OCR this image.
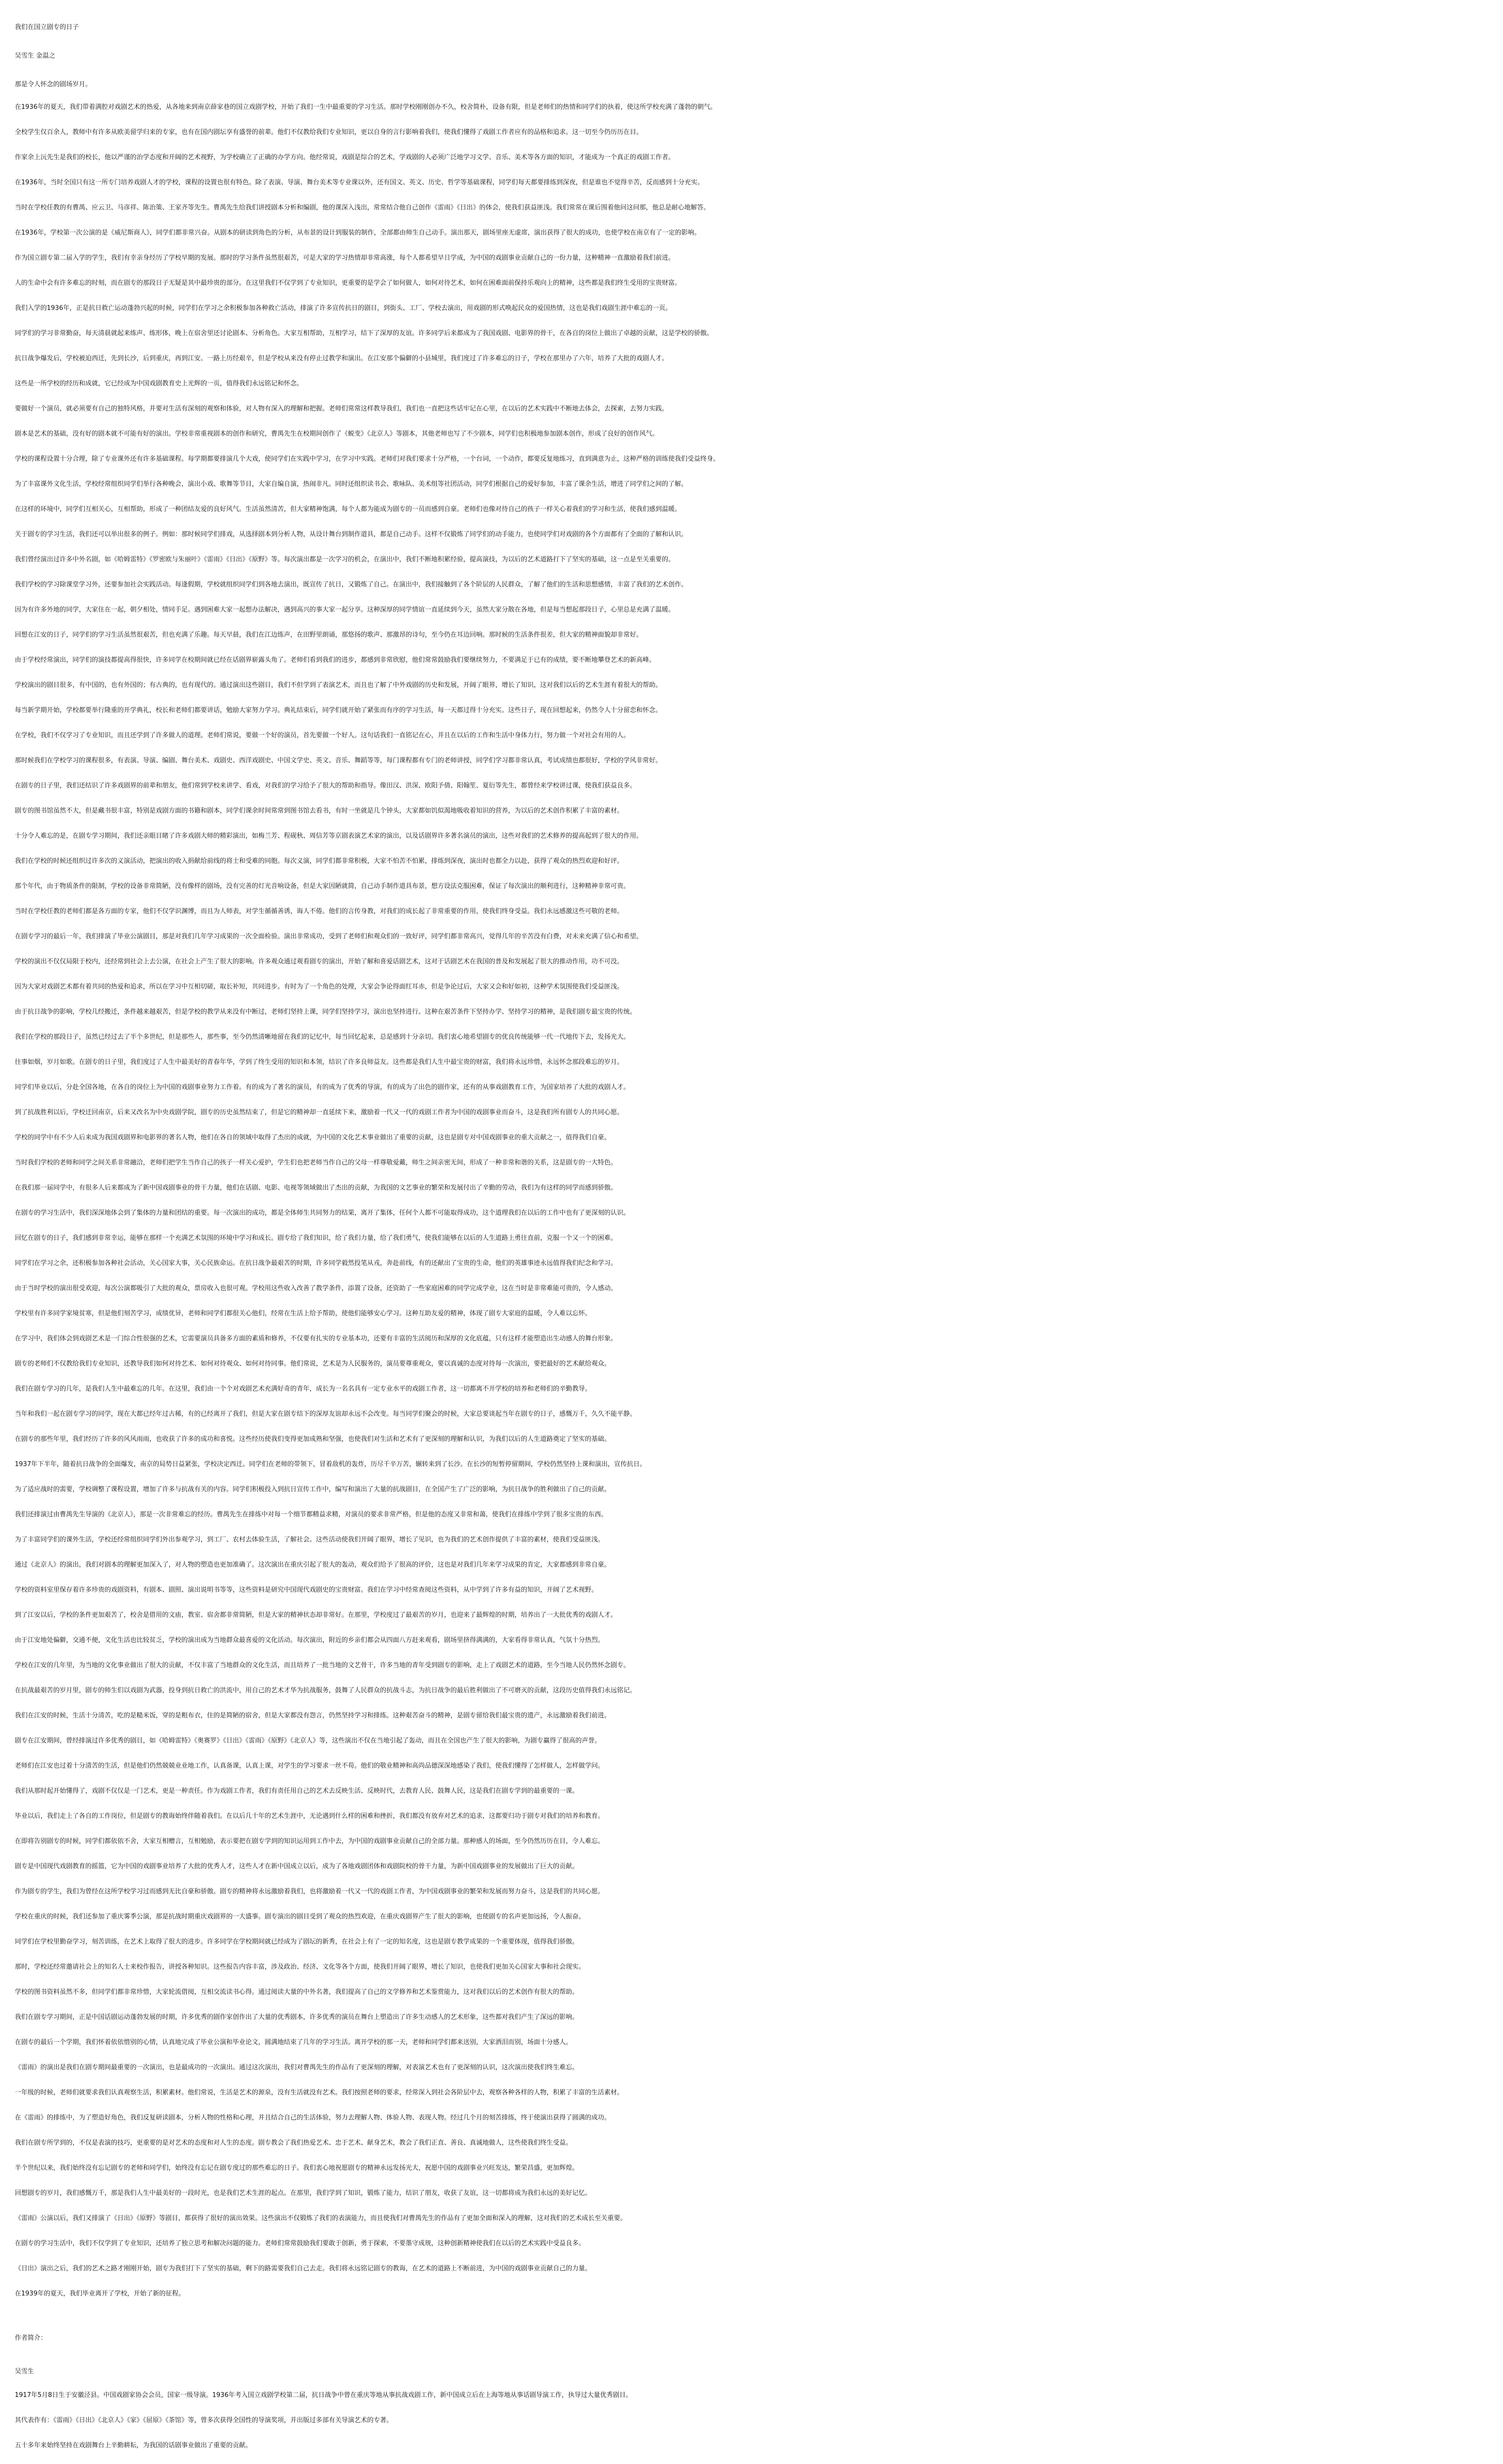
我们在国立剧专的日子
吴雪生 金温之
那是令人怀念的剧场岁月。
在1936年的夏天，我们带着满腔对戏剧艺术的热爱，从各地来到南京薛家巷的国立戏剧学校，开始了我们一生中最重要的学习生活。那时学校刚刚创办不久，校舍简朴，设备有限，但是老师们的热情和同学们的执着，使这所学校充满了蓬勃的朝气。
全校学生仅百余人，教师中有许多从欧美留学归来的专家，也有在国内剧坛享有盛誉的前辈。他们不仅教给我们专业知识，更以自身的言行影响着我们，使我们懂得了戏剧工作者应有的品格和追求。这一切至今仍历历在目。
作家余上沅先生是我们的校长，他以严谨的治学态度和开阔的艺术视野，为学校确立了正确的办学方向。他经常说，戏剧是综合的艺术，学戏剧的人必须广泛地学习文学、音乐、美术等各方面的知识，才能成为一个真正的戏剧工作者。
在1936年，当时全国只有这一所专门培养戏剧人才的学校，课程的设置也很有特色。除了表演、导演、舞台美术等专业课以外，还有国文、英文、历史、哲学等基础课程，同学们每天都要排练到深夜，但是谁也不觉得辛苦，反而感到十分充实。
当时在学校任教的有曹禺、应云卫、马彦祥、陈治策、王家齐等先生。曹禺先生给我们讲授剧本分析和编剧，他的课深入浅出，常常结合他自己创作《雷雨》《日出》的体会，使我们获益匪浅。我们常常在课后围着他问这问那，他总是耐心地解答。
在1936年，学校第一次公演的是《威尼斯商人》，同学们都非常兴奋。从剧本的研读到角色的分析，从布景的设计到服装的制作，全部都由师生自己动手。演出那天，剧场里座无虚席，演出获得了很大的成功，也使学校在南京有了一定的影响。
作为国立剧专第二届入学的学生，我们有幸亲身经历了学校早期的发展。那时的学习条件虽然很艰苦，可是大家的学习热情却非常高涨，每个人都希望早日学成，为中国的戏剧事业贡献自己的一份力量，这种精神一直激励着我们前进。
人的生命中会有许多难忘的时刻，而在剧专的那段日子无疑是其中最珍贵的部分。在这里我们不仅学到了专业知识，更重要的是学会了如何做人，如何对待艺术，如何在困难面前保持乐观向上的精神，这些都是我们终生受用的宝贵财富。
我们入学的1936年，正是抗日救亡运动蓬勃兴起的时候，同学们在学习之余积极参加各种救亡活动，排演了许多宣传抗日的剧目，到街头、工厂、学校去演出，用戏剧的形式唤起民众的爱国热情，这也是我们戏剧生涯中难忘的一页。
同学们的学习非常勤奋，每天清晨就起来练声、练形体，晚上在宿舍里还讨论剧本、分析角色。大家互相帮助，互相学习，结下了深厚的友谊。许多同学后来都成为了我国戏剧、电影界的骨干，在各自的岗位上做出了卓越的贡献，这是学校的骄傲。
抗日战争爆发后，学校被迫西迁，先到长沙，后到重庆，再到江安。一路上历经艰辛，但是学校从来没有停止过教学和演出。在江安那个偏僻的小县城里，我们度过了许多难忘的日子，学校在那里办了六年，培养了大批的戏剧人才。
这些是一所学校的经历和成就，它已经成为中国戏剧教育史上光辉的一页，值得我们永远铭记和怀念。
要做好一个演员，就必须要有自己的独特风格，并要对生活有深刻的观察和体验，对人物有深入的理解和把握。老师们常常这样教导我们，我们也一直把这些话牢记在心里，在以后的艺术实践中不断地去体会，去探索，去努力实践。
剧本是艺术的基础，没有好的剧本就不可能有好的演出。学校非常重视剧本的创作和研究，曹禺先生在校期间创作了《蜕变》《北京人》等剧本，其他老师也写了不少剧本，同学们也积极地参加剧本创作，形成了良好的创作风气。
学校的课程设置十分合理，除了专业课外还有许多基础课程。每学期都要排演几个大戏，使同学们在实践中学习，在学习中实践。老师们对我们要求十分严格，一个台词，一个动作，都要反复地练习，直到满意为止，这种严格的训练使我们受益终身。
为了丰富课外文化生活，学校经常组织同学们举行各种晚会，演出小戏、歌舞等节目，大家自编自演，热闹非凡。同时还组织读书会、歌咏队、美术组等社团活动，同学们根据自己的爱好参加，丰富了课余生活，增进了同学们之间的了解。
在这样的环境中，同学们互相关心，互相帮助，形成了一种团结友爱的良好风气。生活虽然清苦，但大家精神饱满，每个人都为能成为剧专的一员而感到自豪。老师们也像对待自己的孩子一样关心着我们的学习和生活，使我们感到温暖。
关于剧专的学习生活，我们还可以举出很多的例子。例如：那时候同学们排戏，从选择剧本到分析人物，从设计舞台到制作道具，都是自己动手。这样不仅锻炼了同学们的动手能力，也使同学们对戏剧的各个方面都有了全面的了解和认识。
我们曾经演出过许多中外名剧，如《哈姆雷特》《罗密欧与朱丽叶》《雷雨》《日出》《原野》等。每次演出都是一次学习的机会，在演出中，我们不断地积累经验，提高演技，为以后的艺术道路打下了坚实的基础，这一点是至关重要的。
我们学校的学习除课堂学习外，还要参加社会实践活动。每逢假期，学校就组织同学们到各地去演出，既宣传了抗日，又锻炼了自己。在演出中，我们接触到了各个阶层的人民群众，了解了他们的生活和思想感情，丰富了我们的艺术创作。
因为有许多外地的同学，大家住在一起，朝夕相处，情同手足。遇到困难大家一起想办法解决，遇到高兴的事大家一起分享。这种深厚的同学情谊一直延续到今天，虽然大家分散在各地，但是每当想起那段日子，心里总是充满了温暖。
回想在江安的日子，同学们的学习生活虽然很艰苦，但也充满了乐趣。每天早晨，我们在江边练声，在田野里朗诵，那悠扬的歌声、那激昂的诗句，至今仍在耳边回响。那时候的生活条件很差，但大家的精神面貌却非常好。
由于学校经常演出，同学们的演技都提高得很快，许多同学在校期间就已经在话剧界崭露头角了。老师们看到我们的进步，都感到非常欣慰，他们常常鼓励我们要继续努力，不要满足于已有的成绩，要不断地攀登艺术的新高峰。
学校演出的剧目很多，有中国的，也有外国的；有古典的，也有现代的。通过演出这些剧目，我们不但学到了表演艺术，而且也了解了中外戏剧的历史和发展，开阔了眼界，增长了知识，这对我们以后的艺术生涯有着很大的帮助。
每当新学期开始，学校都要举行隆重的开学典礼，校长和老师们都要讲话，勉励大家努力学习。典礼结束后，同学们就开始了紧张而有序的学习生活，每一天都过得十分充实。这些日子，现在回想起来，仍然令人十分留恋和怀念。
在学校，我们不仅学习了专业知识，而且还学到了许多做人的道理。老师们常说，要做一个好的演员，首先要做一个好人。这句话我们一直铭记在心，并且在以后的工作和生活中身体力行，努力做一个对社会有用的人。
那时候我们在学校学习的课程很多，有表演、导演、编剧、舞台美术、戏剧史、西洋戏剧史、中国文学史、英文、音乐、舞蹈等等，每门课程都有专门的老师讲授，同学们学习都非常认真，考试成绩也都很好，学校的学风非常好。
在剧专的日子里，我们还结识了许多戏剧界的前辈和朋友，他们常到学校来讲学、看戏，对我们的学习给予了很大的帮助和指导。像田汉、洪深、欧阳予倩、阳翰笙、夏衍等先生，都曾经来学校讲过课，使我们获益良多。
剧专的图书馆虽然不大，但是藏书很丰富，特别是戏剧方面的书籍和剧本，同学们课余时间常常到图书馆去看书，有时一坐就是几个钟头，大家都如饥似渴地吸收着知识的营养，为以后的艺术创作积累了丰富的素材。
十分令人难忘的是，在剧专学习期间，我们还亲眼目睹了许多戏剧大师的精彩演出，如梅兰芳、程砚秋、周信芳等京剧表演艺术家的演出，以及话剧界许多著名演员的演出，这些对我们的艺术修养的提高起到了很大的作用。
我们在学校的时候还组织过许多次的义演活动，把演出的收入捐献给前线的将士和受难的同胞。每次义演，同学们都非常积极，大家不怕苦不怕累，排练到深夜，演出时也都全力以赴，获得了观众的热烈欢迎和好评。
那个年代，由于物质条件的限制，学校的设备非常简陋，没有像样的剧场，没有完善的灯光音响设备，但是大家因陋就简，自己动手制作道具布景，想方设法克服困难，保证了每次演出的顺利进行，这种精神非常可贵。
当时在学校任教的老师们都是各方面的专家，他们不仅学识渊博，而且为人师表，对学生循循善诱，诲人不倦。他们的言传身教，对我们的成长起了非常重要的作用，使我们终身受益。我们永远感激这些可敬的老师。
在剧专学习的最后一年，我们排演了毕业公演剧目，那是对我们几年学习成果的一次全面检验。演出非常成功，受到了老师们和观众们的一致好评，同学们都非常高兴，觉得几年的辛苦没有白费，对未来充满了信心和希望。
学校的演出不仅仅局限于校内，还经常到社会上去公演，在社会上产生了很大的影响。许多观众通过观看剧专的演出，开始了解和喜爱话剧艺术，这对于话剧艺术在我国的普及和发展起了很大的推动作用，功不可没。
因为大家对戏剧艺术都有着共同的热爱和追求，所以在学习中互相切磋，取长补短，共同进步。有时为了一个角色的处理，大家会争论得面红耳赤，但是争论过后，大家又会和好如初，这种学术氛围使我们受益匪浅。
由于抗日战争的影响，学校几经搬迁，条件越来越艰苦，但是学校的教学从来没有中断过，老师们坚持上课，同学们坚持学习，演出也坚持进行。这种在艰苦条件下坚持办学、坚持学习的精神，是我们剧专最宝贵的传统。
我们在学校的那段日子，虽然已经过去了半个多世纪，但是那些人，那些事，至今仍然清晰地留在我们的记忆中，每当回忆起来，总是感到十分亲切。我们衷心地希望剧专的优良传统能够一代一代地传下去，发扬光大。
往事如烟，岁月如歌。在剧专的日子里，我们度过了人生中最美好的青春年华，学到了终生受用的知识和本领，结识了许多良师益友。这些都是我们人生中最宝贵的财富，我们将永远珍惜，永远怀念那段难忘的岁月。
同学们毕业以后，分赴全国各地，在各自的岗位上为中国的戏剧事业努力工作着。有的成为了著名的演员，有的成为了优秀的导演，有的成为了出色的剧作家，还有的从事戏剧教育工作，为国家培养了大批的戏剧人才。
到了抗战胜利以后，学校迁回南京，后来又改名为中央戏剧学院，剧专的历史虽然结束了，但是它的精神却一直延续下来，激励着一代又一代的戏剧工作者为中国的戏剧事业而奋斗，这是我们所有剧专人的共同心愿。
学校的同学中有不少人后来成为我国戏剧界和电影界的著名人物，他们在各自的领域中取得了杰出的成就，为中国的文化艺术事业做出了重要的贡献，这也是剧专对中国戏剧事业的重大贡献之一，值得我们自豪。
当时我们学校的老师和同学之间关系非常融洽，老师们把学生当作自己的孩子一样关心爱护，学生们也把老师当作自己的父母一样尊敬爱戴，师生之间亲密无间，形成了一种非常和谐的关系，这是剧专的一大特色。
在我们那一届同学中，有很多人后来都成为了新中国戏剧事业的骨干力量，他们在话剧、电影、电视等领域做出了杰出的贡献，为我国的文艺事业的繁荣和发展付出了辛勤的劳动，我们为有这样的同学而感到骄傲。
在剧专的学习生活中，我们深深地体会到了集体的力量和团结的重要。每一次演出的成功，都是全体师生共同努力的结果，离开了集体，任何个人都不可能取得成功，这个道理我们在以后的工作中也有了更深刻的认识。
回忆在剧专的日子，我们感到非常幸运，能够在那样一个充满艺术氛围的环境中学习和成长。剧专给了我们知识，给了我们力量，给了我们勇气，使我们能够在以后的人生道路上勇往直前，克服一个又一个的困难。
同学们在学习之余，还积极参加各种社会活动，关心国家大事，关心民族命运。在抗日战争最艰苦的时期，许多同学毅然投笔从戎，奔赴前线，有的还献出了宝贵的生命，他们的英雄事迹永远值得我们纪念和学习。
由于当时学校的演出很受欢迎，每次公演都吸引了大批的观众，票房收入也很可观。学校用这些收入改善了教学条件，添置了设备，还资助了一些家庭困难的同学完成学业，这在当时是非常难能可贵的，令人感动。
学校里有许多同学家境贫寒，但是他们刻苦学习，成绩优异，老师和同学们都很关心他们，经常在生活上给予帮助，使他们能够安心学习。这种互助友爱的精神，体现了剧专大家庭的温暖，令人难以忘怀。
在学习中，我们体会到戏剧艺术是一门综合性很强的艺术，它需要演员具备多方面的素质和修养，不仅要有扎实的专业基本功，还要有丰富的生活阅历和深厚的文化底蕴，只有这样才能塑造出生动感人的舞台形象。
剧专的老师们不仅教给我们专业知识，还教导我们如何对待艺术、如何对待观众、如何对待同事。他们常说，艺术是为人民服务的，演员要尊重观众，要以真诚的态度对待每一次演出，要把最好的艺术献给观众。
我们在剧专学习的几年，是我们人生中最难忘的几年。在这里，我们由一个个对戏剧艺术充满好奇的青年，成长为一名名具有一定专业水平的戏剧工作者，这一切都离不开学校的培养和老师们的辛勤教导。
当年和我们一起在剧专学习的同学，现在大都已经年过古稀，有的已经离开了我们，但是大家在剧专结下的深厚友谊却永远不会改变。每当同学们聚会的时候，大家总要谈起当年在剧专的日子，感慨万千，久久不能平静。
在剧专的那些年里，我们经历了许多的风风雨雨，也收获了许多的成功和喜悦。这些经历使我们变得更加成熟和坚强，也使我们对生活和艺术有了更深刻的理解和认识，为我们以后的人生道路奠定了坚实的基础。
1937年下半年，随着抗日战争的全面爆发，南京的局势日益紧张，学校决定西迁。同学们在老师的带领下，冒着敌机的轰炸，历尽千辛万苦，辗转来到了长沙。在长沙的短暂停留期间，学校仍然坚持上课和演出，宣传抗日。
为了适应战时的需要，学校调整了课程设置，增加了许多与抗战有关的内容。同学们积极投入到抗日宣传工作中，编写和演出了大量的抗战剧目，在全国产生了广泛的影响，为抗日战争的胜利做出了自己的贡献。
我们还排演过由曹禺先生导演的《北京人》，那是一次非常难忘的经历。曹禺先生在排练中对每一个细节都精益求精，对演员的要求非常严格，但是他的态度又非常和蔼，使我们在排练中学到了很多宝贵的东西。
为了丰富同学们的课外生活，学校还经常组织同学们外出参观学习，到工厂、农村去体验生活，了解社会。这些活动使我们开阔了眼界，增长了见识，也为我们的艺术创作提供了丰富的素材，使我们受益匪浅。
通过《北京人》的演出，我们对剧本的理解更加深入了，对人物的塑造也更加准确了。这次演出在重庆引起了很大的轰动，观众们给予了很高的评价，这也是对我们几年来学习成果的肯定，大家都感到非常自豪。
学校的资料室里保存着许多珍贵的戏剧资料，有剧本、剧照、演出说明书等等，这些资料是研究中国现代戏剧史的宝贵财富。我们在学习中经常查阅这些资料，从中学到了许多有益的知识，开阔了艺术视野。
到了江安以后，学校的条件更加艰苦了，校舍是借用的文庙，教室、宿舍都非常简陋，但是大家的精神状态却非常好。在那里，学校度过了最艰苦的岁月，也迎来了最辉煌的时期，培养出了一大批优秀的戏剧人才。
由于江安地处偏僻，交通不便，文化生活也比较贫乏，学校的演出成为当地群众最喜爱的文化活动。每次演出，附近的乡亲们都会从四面八方赶来观看，剧场里挤得满满的，大家看得非常认真，气氛十分热烈。
学校在江安的几年里，为当地的文化事业做出了很大的贡献，不仅丰富了当地群众的文化生活，而且培养了一批当地的文艺骨干，许多当地的青年受到剧专的影响，走上了戏剧艺术的道路，至今当地人民仍然怀念剧专。
在抗战最艰苦的岁月里，剧专的师生们以戏剧为武器，投身到抗日救亡的洪流中，用自己的艺术才华为抗战服务，鼓舞了人民群众的抗战斗志，为抗日战争的最后胜利做出了不可磨灭的贡献，这段历史值得我们永远铭记。
我们在江安的时候，生活十分清苦，吃的是糙米饭，穿的是粗布衣，住的是简陋的宿舍，但是大家都没有怨言，仍然坚持学习和排练。这种艰苦奋斗的精神，是剧专留给我们最宝贵的遗产，永远激励着我们前进。
剧专在江安期间，曾经排演过许多优秀的剧目，如《哈姆雷特》《奥赛罗》《日出》《雷雨》《原野》《北京人》等，这些演出不仅在当地引起了轰动，而且在全国也产生了很大的影响，为剧专赢得了很高的声誉。
老师们在江安也过着十分清苦的生活，但是他们仍然兢兢业业地工作，认真备课，认真上课，对学生的学习要求一丝不苟。他们的敬业精神和高尚品德深深地感染了我们，使我们懂得了怎样做人，怎样做学问。
我们从那时起开始懂得了，戏剧不仅仅是一门艺术，更是一种责任。作为戏剧工作者，我们有责任用自己的艺术去反映生活、反映时代，去教育人民、鼓舞人民，这是我们在剧专学到的最重要的一课。
毕业以后，我们走上了各自的工作岗位，但是剧专的教诲始终伴随着我们。在以后几十年的艺术生涯中，无论遇到什么样的困难和挫折，我们都没有放弃对艺术的追求，这都要归功于剧专对我们的培养和教育。
在即将告别剧专的时候，同学们都依依不舍，大家互相赠言，互相勉励，表示要把在剧专学到的知识运用到工作中去，为中国的戏剧事业贡献自己的全部力量。那种感人的场面，至今仍然历历在目，令人难忘。
剧专是中国现代戏剧教育的摇篮，它为中国的戏剧事业培养了大批的优秀人才，这些人才在新中国成立以后，成为了各地戏剧团体和戏剧院校的骨干力量，为新中国戏剧事业的发展做出了巨大的贡献。
作为剧专的学生，我们为曾经在这所学校学习过而感到无比自豪和骄傲。剧专的精神将永远激励着我们，也将激励着一代又一代的戏剧工作者，为中国戏剧事业的繁荣和发展而努力奋斗，这是我们的共同心愿。
学校在重庆的时候，我们还参加了重庆雾季公演，那是抗战时期重庆戏剧界的一大盛事。剧专演出的剧目受到了观众的热烈欢迎，在重庆戏剧界产生了很大的影响，也使剧专的名声更加远扬，令人振奋。
同学们在学校里勤奋学习，刻苦训练，在艺术上取得了很大的进步。许多同学在学校期间就已经成为了剧坛的新秀，在社会上有了一定的知名度，这也是剧专教学成果的一个重要体现，值得我们骄傲。
那时，学校还经常邀请社会上的知名人士来校作报告，讲授各种知识。这些报告内容丰富，涉及政治、经济、文化等各个方面，使我们开阔了眼界，增长了知识，也使我们更加关心国家大事和社会现实。
学校的图书资料虽然不多，但同学们都非常珍惜，大家轮流借阅，互相交流读书心得。通过阅读大量的中外名著，我们提高了自己的文学修养和艺术鉴赏能力，这对我们以后的艺术创作有很大的帮助。
我们在剧专学习期间，正是中国话剧运动蓬勃发展的时期，许多优秀的剧作家创作出了大量的优秀剧本，许多优秀的演员在舞台上塑造出了许多生动感人的艺术形象，这些都对我们产生了深远的影响。
在剧专的最后一个学期，我们怀着依依惜别的心情，认真地完成了毕业公演和毕业论文，圆满地结束了几年的学习生活。离开学校的那一天，老师和同学们都来送别，大家洒泪而别，场面十分感人。
《雷雨》的演出是我们在剧专期间最重要的一次演出，也是最成功的一次演出。通过这次演出，我们对曹禺先生的作品有了更深刻的理解，对表演艺术也有了更深刻的认识，这次演出使我们终生难忘。
一年级的时候，老师们就要求我们认真观察生活，积累素材。他们常说，生活是艺术的源泉，没有生活就没有艺术。我们按照老师的要求，经常深入到社会各阶层中去，观察各种各样的人物，积累了丰富的生活素材。
在《雷雨》的排练中，为了塑造好角色，我们反复研读剧本，分析人物的性格和心理，并且结合自己的生活体验，努力去理解人物、体验人物、表现人物。经过几个月的刻苦排练，终于使演出获得了圆满的成功。
我们在剧专所学到的，不仅是表演的技巧，更重要的是对艺术的态度和对人生的态度。剧专教会了我们热爱艺术、忠于艺术、献身艺术，教会了我们正直、善良、真诚地做人，这些使我们终生受益。
半个世纪以来，我们始终没有忘记剧专的老师和同学们，始终没有忘记在剧专度过的那些难忘的日子。我们衷心地祝愿剧专的精神永远发扬光大，祝愿中国的戏剧事业兴旺发达，繁荣昌盛，更加辉煌。
回想剧专的岁月，我们感慨万千，那是我们人生中最美好的一段时光，也是我们艺术生涯的起点。在那里，我们学到了知识，锻炼了能力，结识了朋友，收获了友谊，这一切都将成为我们永远的美好记忆。
《雷雨》公演以后，我们又排演了《日出》《原野》等剧目，都获得了很好的演出效果。这些演出不仅锻炼了我们的表演能力，而且使我们对曹禺先生的作品有了更加全面和深入的理解，这对我们的艺术成长至关重要。
在剧专的学习生活中，我们不仅学到了专业知识，还培养了独立思考和解决问题的能力。老师们常常鼓励我们要敢于创新，勇于探索，不要墨守成规，这种创新精神使我们在以后的艺术实践中受益良多。
《日出》演出之后，我们的艺术之路才刚刚开始，剧专为我们打下了坚实的基础，剩下的路需要我们自己去走。我们将永远铭记剧专的教诲，在艺术的道路上不断前进，为中国的戏剧事业贡献自己的力量。
在1939年的夏天，我们毕业离开了学校，开始了新的征程。
作者简介：
吴雪生
1917年5月8日生于安徽泾县。中国戏剧家协会会员，国家一级导演。1936年考入国立戏剧学校第二届，抗日战争中曾在重庆等地从事抗战戏剧工作，新中国成立后在上海等地从事话剧导演工作，执导过大量优秀剧目。
其代表作有：《雷雨》《日出》《北京人》《家》《屈原》《茶馆》等，曾多次获得全国性的导演奖项，并出版过多部有关导演艺术的专著。
五十多年来始终坚持在戏剧舞台上辛勤耕耘，为我国的话剧事业做出了重要的贡献。
